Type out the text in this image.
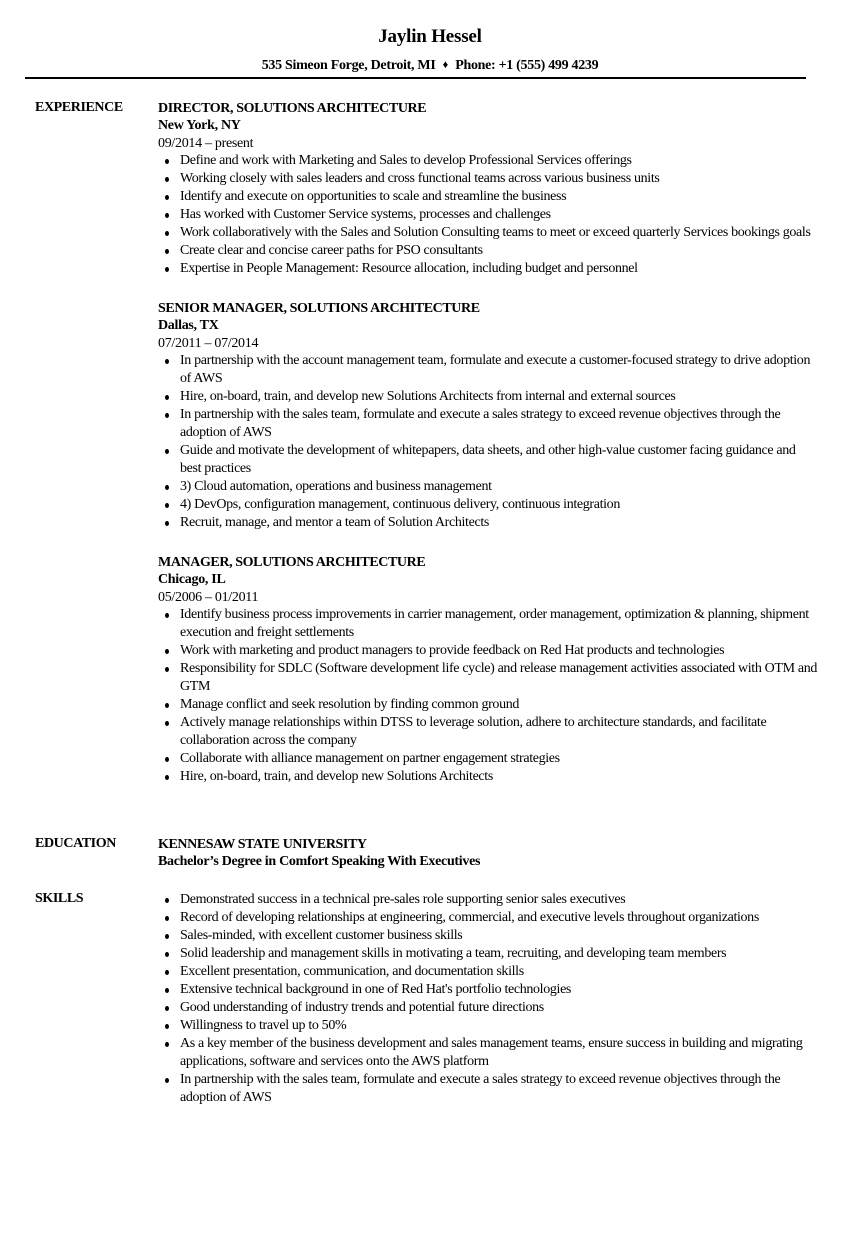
Jaylin Hessel
535 Simeon Forge, Detroit, MI ♦ Phone: +1 (555) 499 4239
EXPERIENCE	DIRECTOR, SOLUTIONS ARCHITECTURE
New York, NY
09/2014 – present
Define and work with Marketing and Sales to develop Professional Services offerings
Working closely with sales leaders and cross functional teams across various business units
Identify and execute on opportunities to scale and streamline the business
Has worked with Customer Service systems, processes and challenges
Work collaboratively with the Sales and Solution Consulting teams to meet or exceed quarterly Services bookings goals
Create clear and concise career paths for PSO consultants
Expertise in People Management: Resource allocation, including budget and personnel
SENIOR MANAGER, SOLUTIONS ARCHITECTURE
Dallas, TX
07/2011 – 07/2014
In partnership with the account management team, formulate and execute a customer-focused strategy to drive adoption of AWS
Hire, on-board, train, and develop new Solutions Architects from internal and external sources
In partnership with the sales team, formulate and execute a sales strategy to exceed revenue objectives through the adoption of AWS
Guide and motivate the development of whitepapers, data sheets, and other high-value customer facing guidance and best practices
3) Cloud automation, operations and business management
4) DevOps, configuration management, continuous delivery, continuous integration
Recruit, manage, and mentor a team of Solution Architects
MANAGER, SOLUTIONS ARCHITECTURE
Chicago, IL
05/2006 – 01/2011
Identify business process improvements in carrier management, order management, optimization & planning, shipment execution and freight settlements
Work with marketing and product managers to provide feedback on Red Hat products and technologies
Responsibility for SDLC (Software development life cycle) and release management activities associated with OTM and GTM
Manage conflict and seek resolution by finding common ground
Actively manage relationships within DTSS to leverage solution, adhere to architecture standards, and facilitate collaboration across the company
Collaborate with alliance management on partner engagement strategies
Hire, on-board, train, and develop new Solutions Architects
EDUCATION	KENNESAW STATE UNIVERSITY
Bachelor’s Degree in Comfort Speaking With Executives
SKILLS	Demonstrated success in a technical pre-sales role supporting senior sales executives
Record of developing relationships at engineering, commercial, and executive levels throughout organizations
Sales-minded, with excellent customer business skills
Solid leadership and management skills in motivating a team, recruiting, and developing team members
Excellent presentation, communication, and documentation skills
Extensive technical background in one of Red Hat's portfolio technologies
Good understanding of industry trends and potential future directions
Willingness to travel up to 50%
As a key member of the business development and sales management teams, ensure success in building and migrating applications, software and services onto the AWS platform
In partnership with the sales team, formulate and execute a sales strategy to exceed revenue objectives through the adoption of AWS
